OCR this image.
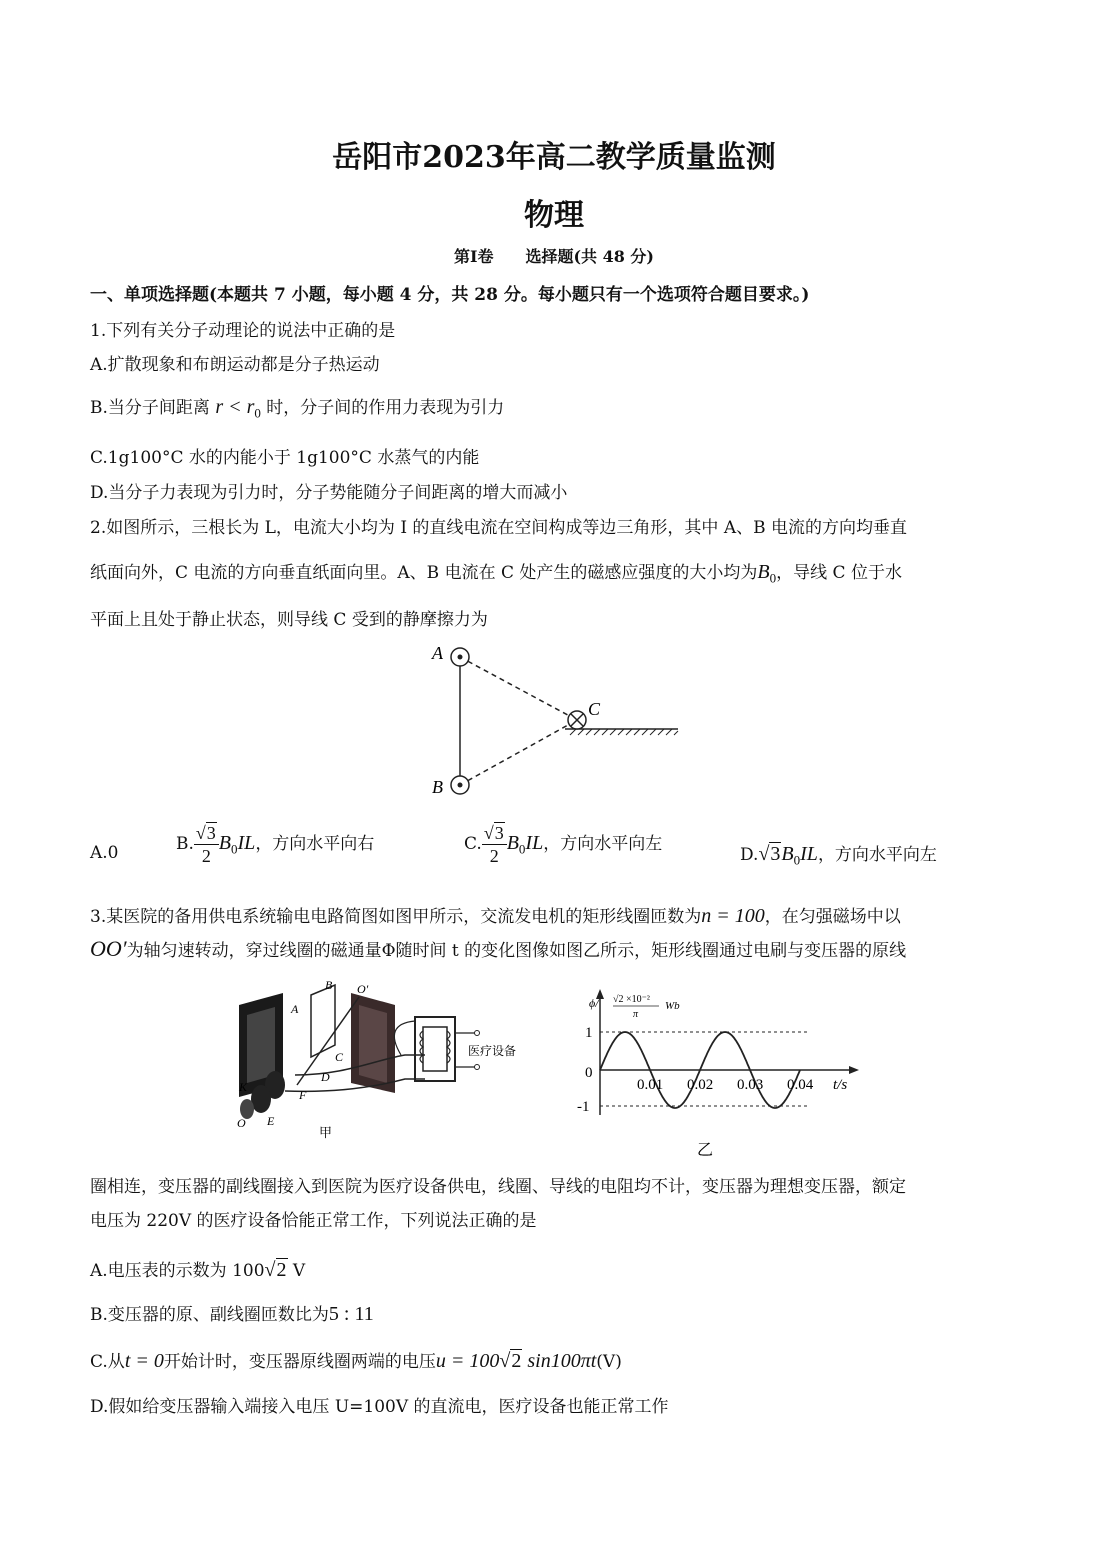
岳阳市2023年高二教学质量监测
物理
第Ⅰ卷　　选择题(共 48 分)
一、单项选择题(本题共 7 小题，每小题 4 分，共 28 分。每小题只有一个选项符合题目要求。)
1.下列有关分子动理论的说法中正确的是
A.扩散现象和布朗运动都是分子热运动
B.当分子间距离 $r < r_0$ 时，分子间的作用力表现为引力
C.1g100°C 水的内能小于 1g100°C 水蒸气的内能
D.当分子力表现为引力时，分子势能随分子间距离的增大而减小
2.如图所示，三根长为 L，电流大小均为 I 的直线电流在空间构成等边三角形，其中 A、B 电流的方向均垂直
纸面向外，C 电流的方向垂直纸面向里。A、B 电流在 C 处产生的磁感应强度的大小均为$B_0$，导线 C 位于水
平面上且处于静止状态，则导线 C 受到的静摩擦力为
A
B
C
A.0	B. $\frac{√3}{2} B_0IL$，方向水平向右	C. $\frac{√3}{2} B_0IL$，方向水平向左
$D.√3B_0IL$，方向水平向左
3.某医院的备用供电系统输电电路简图如图甲所示，交流发电机的矩形线圈匝数为n = 100，在匀强磁场中以
OO′为轴匀速转动，穿过线圈的磁通量Φ随时间 t 的变化图像如图乙所示，矩形线圈通过电刷与变压器的原线
医疗设备
B O′
A
C
D
F
K
O E
甲
ϕ/ √2 ×10⁻²
π
Wb
1
0
-1
0.01 0.02 0.03 0.04 t/s
乙
圈相连，变压器的副线圈接入到医院为医疗设备供电，线圈、导线的电阻均不计，变压器为理想变压器，额定
电压为 220V 的医疗设备恰能正常工作，下列说法正确的是
A.电压表的示数为 100√2 V
B.变压器的原、副线圈匝数比为5 : 11
C.从t = 0开始计时，变压器原线圈两端的电压u = 100√2 sin100πt(V)
D.假如给变压器输入端接入电压 U=100V 的直流电，医疗设备也能正常工作
